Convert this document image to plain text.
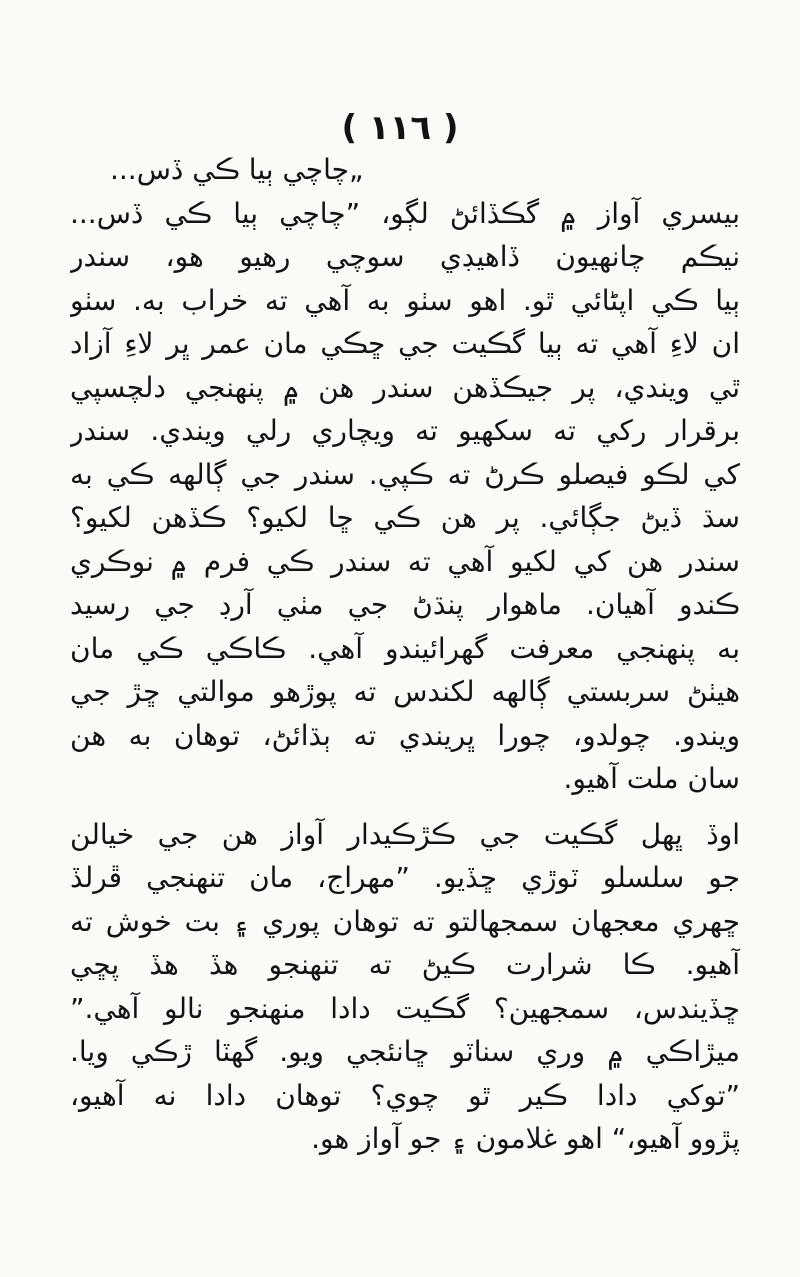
( ١١٦ )
„چاچي ٻيا ڪي ڏس...
بيسري آواز ۾ گڪڏائڻ لڳو، ”چاچي ٻيا ڪي ڏس...
نيڪم چانهيون ڏاهيڊي سوچي رهيو هو، سندر
ٻيا ڪي اپڻائي ٿو. اهو سٺو به آهي ته خراب به. سٺو
ان لاءِ آهي ته ٻيا گڪيت جي ڇڪي مان عمر ڀر لاءِ آزاد
ٿي ويندي، پر جيڪڏهن سندر هن ۾ پنهنجي دلچسپي
برقرار رکي ته سکهيو ته ويچاري رلي ويندي. سندر
کي لڪو فيصلو ڪرڻ ته ڪپي. سندر جي ڳالهه ڪي به
سڌ ڏيڻ جڳائي. پر هن ڪي ڇا لکيو؟ ڪڏهن لکيو؟
سندر هن کي لکيو آهي ته سندر ڪي فرم ۾ نوڪري
ڪندو آهيان. ماهوار پنڌڻ جي مٺي آرڊ جي رسيد
به پنهنجي معرفت گهرائيندو آهي. ڪاڪي ڪي مان
هيٺڻ سربستي ڳالهه لکندس ته پوڙهو موالتي ڇڙ جي
ويندو. چولدو، چورا ڀريندي ته ٻڌائڻ، توهان به هن
سان ملت آهيو.
اوڏ ڀهل گڪيت جي ڪڙڪيدار آواز هن جي خيالن
جو سلسلو ٽوڙي ڇڏيو. ”مهراج، مان تنهنجي ڦرلڏ
ڇهري معجهان سمجهالتو ته توهان پوري ۽ بت خوش ته
آهيو. ڪا شرارت ڪيڻ ته تنهنجو هڏ هڏ پڇي
ڇڏيندس، سمجهين؟ گڪيت دادا منهنجو نالو آهي.”
ميڙاڪي ۾ وري سناٽو ڇانئجي ويو. گهٽا ڙڪي ويا.
”توکي دادا ڪير ٿو چوي؟ توهان دادا نه آهيو،
پڙوو آهيو،“ اهو غلامون ۽ جو آواز هو.
